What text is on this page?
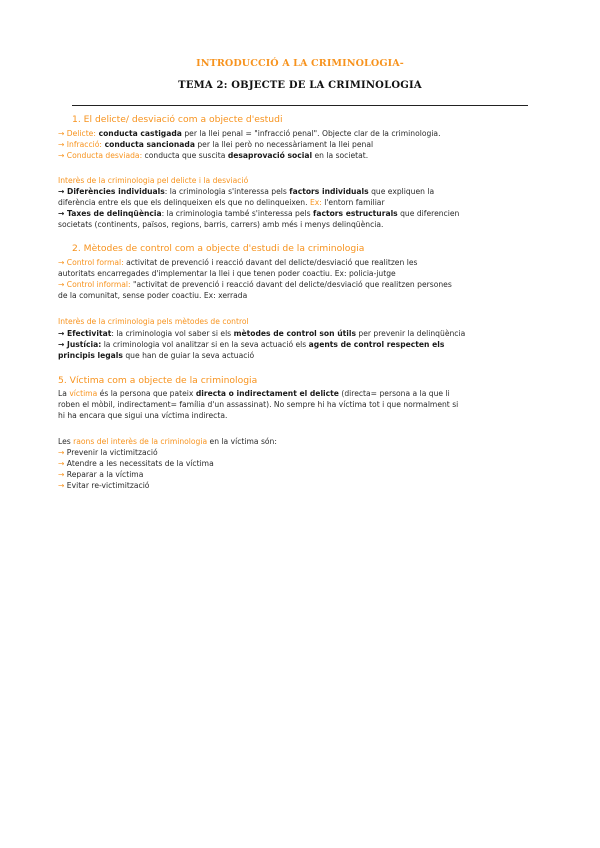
INTRODUCCIÓ A LA CRIMINOLOGIA-
TEMA 2: OBJECTE DE LA CRIMINOLOGIA
1. El delicte/ desviació com a objecte d'estudi
→ Delicte: conducta castigada per la llei penal = "infracció penal". Objecte clar de la criminologia.
→ Infracció: conducta sancionada per la llei però no necessàriament la llei penal
→ Conducta desviada: conducta que suscita desaprovació social en la societat.
Interès de la criminologia pel delicte i la desviació
→ Diferències individuals: la criminologia s'interessa pels factors individuals que expliquen la
diferència entre els que els delinqueixen els que no delinqueixen. Ex: l'entorn familiar
→ Taxes de delinqüència: la criminologia també s'interessa pels factors estructurals que diferencien
societats (continents, països, regions, barris, carrers) amb més i menys delinqüència.
2. Mètodes de control com a objecte d'estudi de la criminologia
→ Control formal: activitat de prevenció i reacció davant del delicte/desviació que realitzen les
autoritats encarregades d'implementar la llei i que tenen poder coactiu. Ex: policia-jutge
→ Control informal: "activitat de prevenció i reacció davant del delicte/desviació que realitzen persones
de la comunitat, sense poder coactiu. Ex: xerrada
Interès de la criminologia pels mètodes de control
→ Efectivitat: la criminologia vol saber si els mètodes de control son útils per prevenir la delinqüència
→ Justícia: la criminologia vol analitzar si en la seva actuació els agents de control respecten els
principis legals que han de guiar la seva actuació
5. Víctima com a objecte de la criminologia
La víctima és la persona que pateix directa o indirectament el delicte (directa= persona a la que li
roben el mòbil, indirectament= família d'un assassinat). No sempre hi ha víctima tot i que normalment si
hi ha encara que sigui una víctima indirecta.
Les raons del interès de la criminologia en la víctima són:
→ Prevenir la victimització
→ Atendre a les necessitats de la víctima
→ Reparar a la víctima
→ Evitar re-victimització
